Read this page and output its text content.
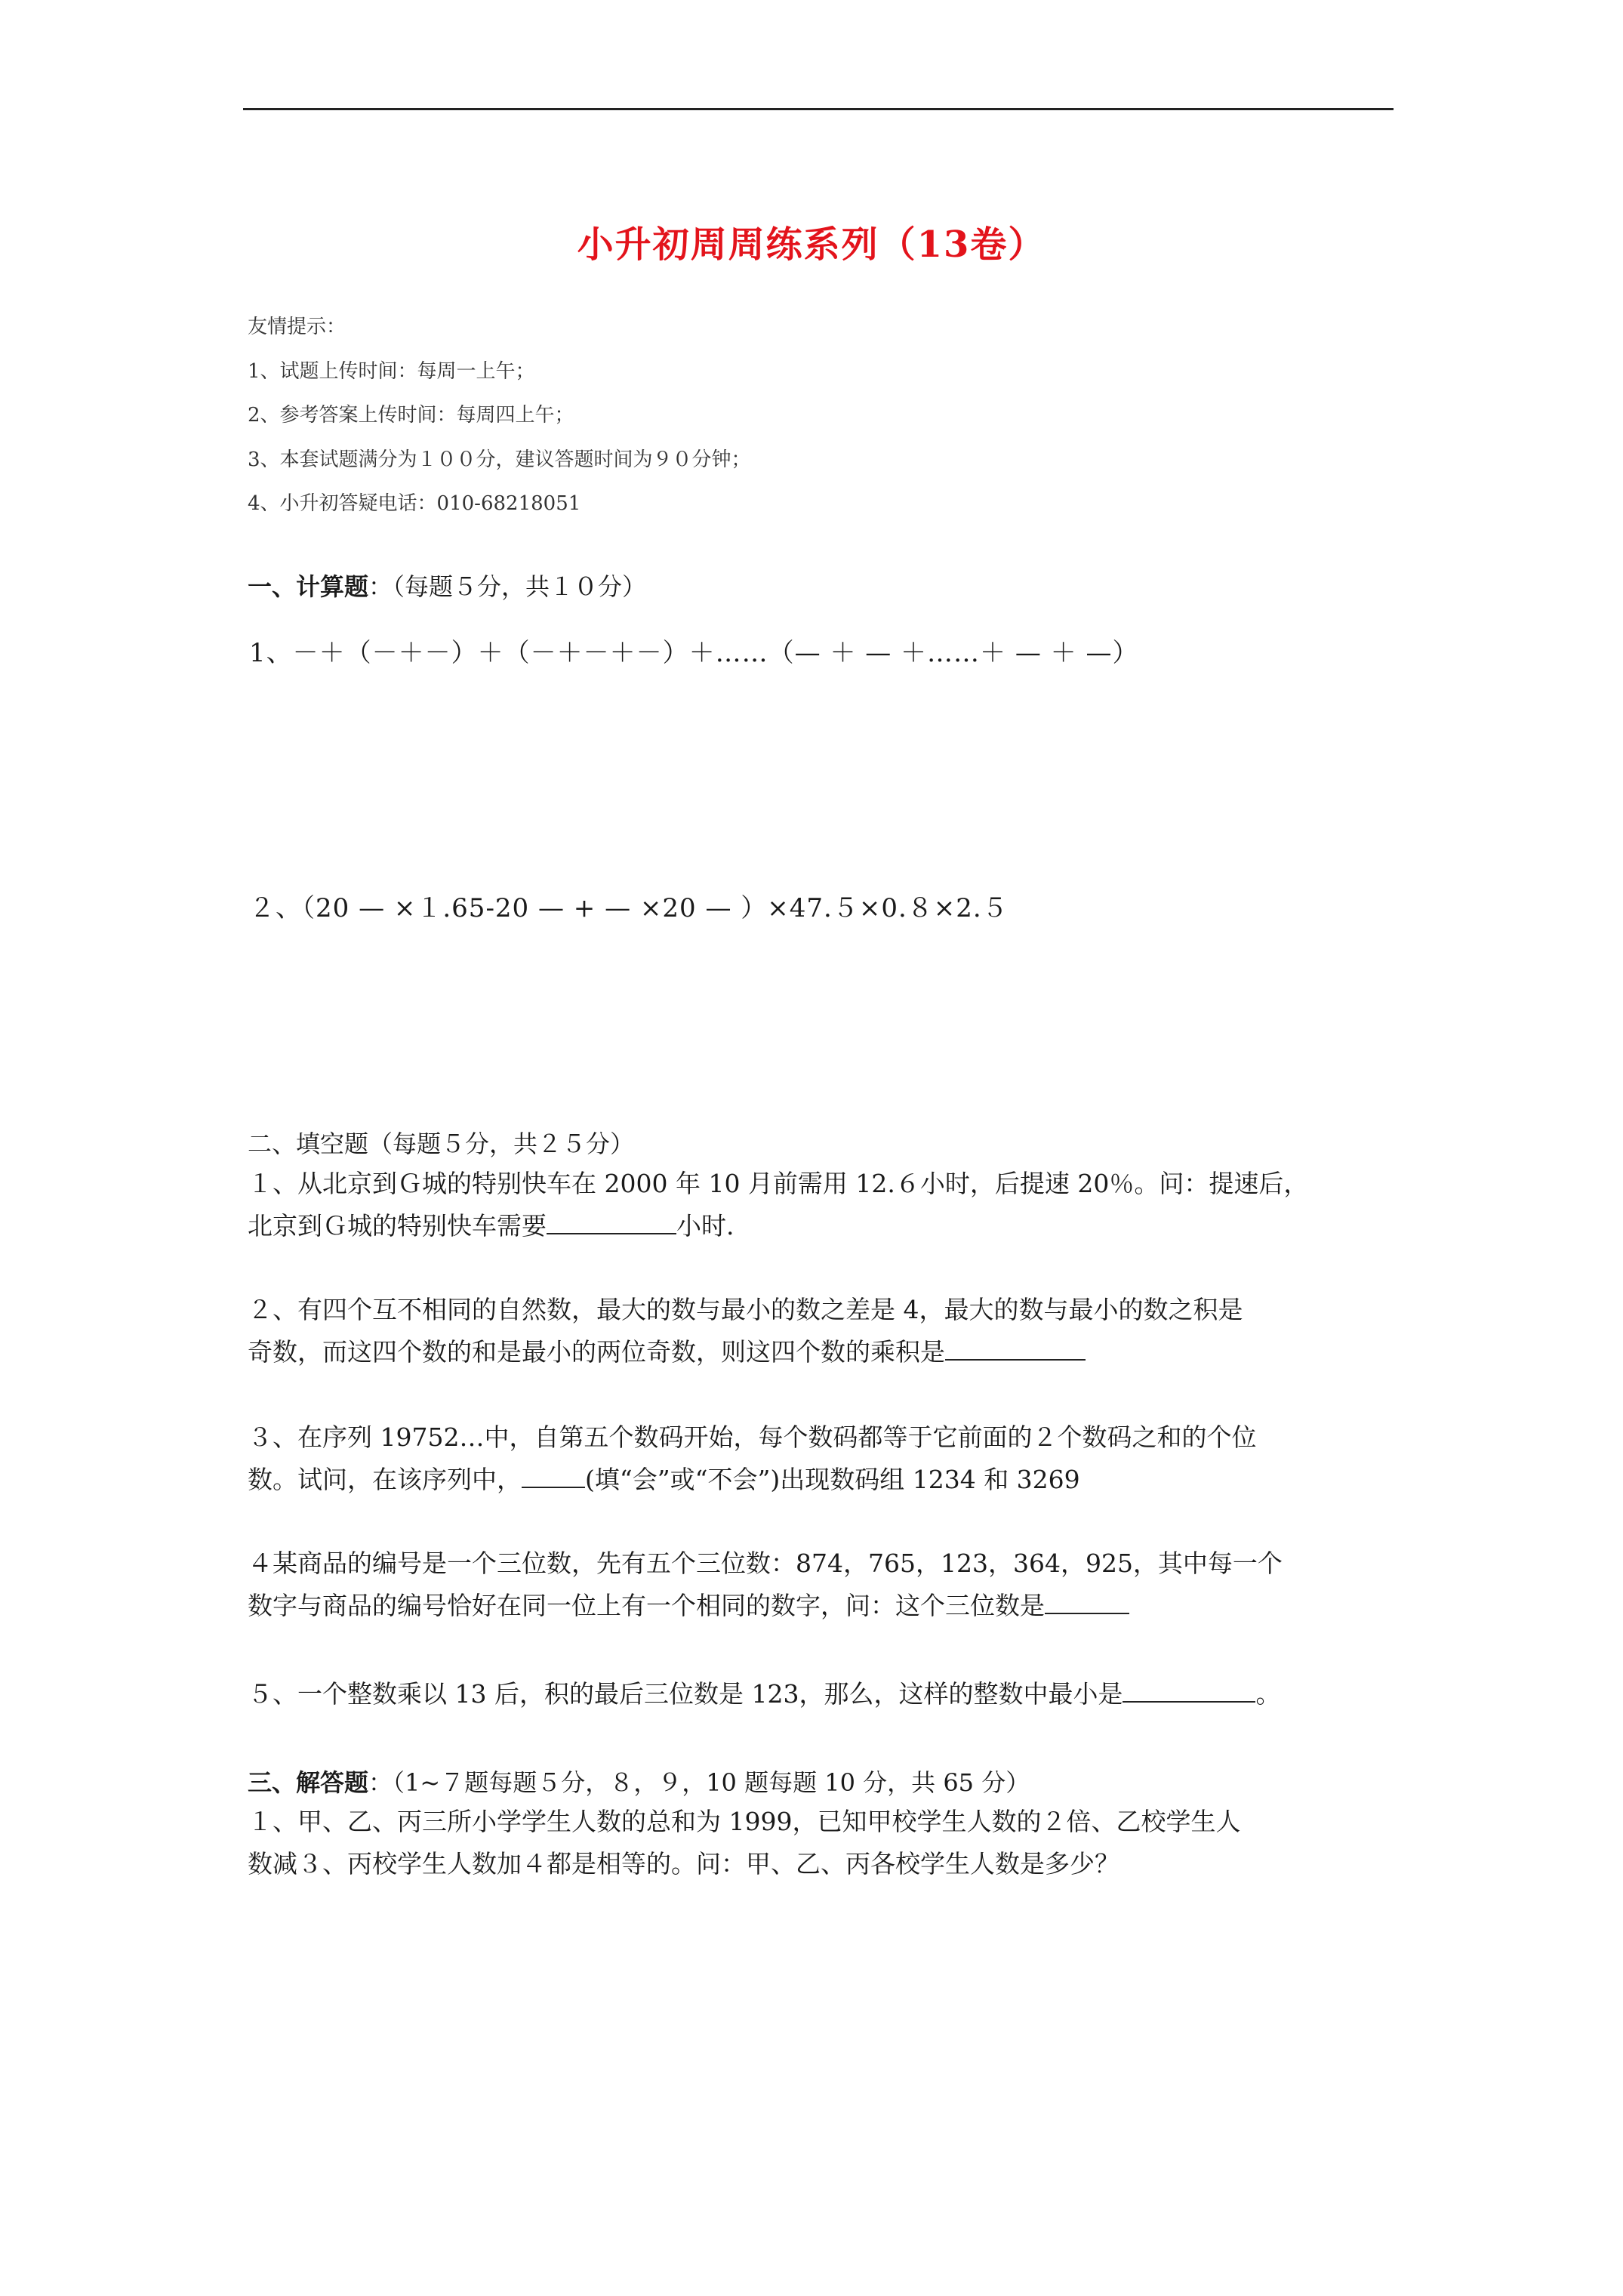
小升初周周练系列（13卷）
友情提示：
1、试题上传时间：每周一上午；
2、参考答案上传时间：每周四上午；
3、本套试题满分为１００分，建议答题时间为９０分钟；
4、小升初答疑电话：010-68218051
一、计算题：（每题５分，共１０分）
1、－＋（－＋－）＋（－＋－＋－）＋……（— ＋ — ＋……＋ — ＋ —）
２、（20 — ×１.65-20 — + — ×20 — ）×47.５×0.８×2.５
二、填空题（每题５分，共２５分）
１、从北京到Ｇ城的特别快车在 2000 年 10 月前需用 12.６小时，后提速 20％。问：提速后，
北京到Ｇ城的特别快车需要	小时.
２、有四个互不相同的自然数，最大的数与最小的数之差是 4，最大的数与最小的数之积是
奇数，而这四个数的和是最小的两位奇数，则这四个数的乘积是
３、在序列 19752…中，自第五个数码开始，每个数码都等于它前面的２个数码之和的个位
数。试问，在该序列中，	(填“会”或“不会”)出现数码组 1234 和 3269
４某商品的编号是一个三位数，先有五个三位数：874，765，123，364，925，其中每一个
数字与商品的编号恰好在同一位上有一个相同的数字，问：这个三位数是
５、一个整数乘以 13 后，积的最后三位数是 123，那么，这样的整数中最小是	。
三、解答题：（1~７题每题５分，８，９，10 题每题 10 分，共 65 分）
１、甲、乙、丙三所小学学生人数的总和为 1999，已知甲校学生人数的２倍、乙校学生人
数减３、丙校学生人数加４都是相等的。问：甲、乙、丙各校学生人数是多少？
